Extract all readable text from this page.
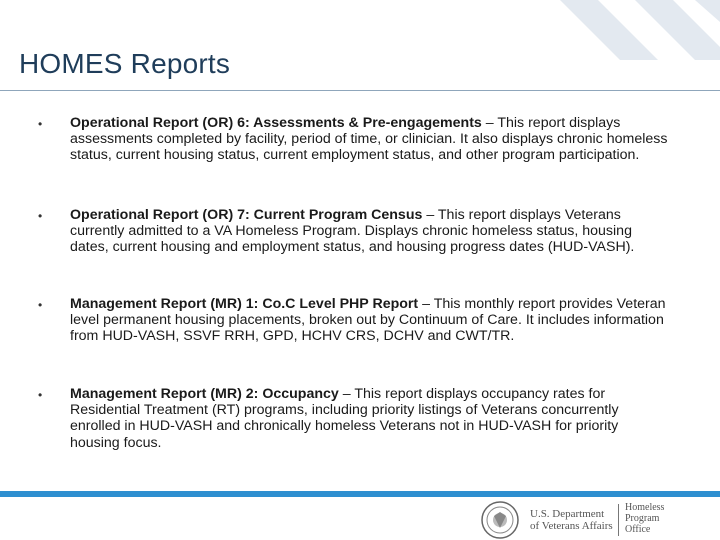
HOMES Reports
• Operational Report (OR) 6: Assessments & Pre-engagements – This report displays assessments completed by facility, period of time, or clinician. It also displays chronic homeless status, current housing status, current employment status, and other program participation.
• Operational Report (OR) 7: Current Program Census – This report displays Veterans currently admitted to a VA Homeless Program. Displays chronic homeless status, housing dates, current housing and employment status, and housing progress dates (HUD-VASH).
• Management Report (MR) 1: Co.C Level PHP Report – This monthly report provides Veteran level permanent housing placements, broken out by Continuum of Care. It includes information from HUD-VASH, SSVF RRH, GPD, HCHV CRS, DCHV and CWT/TR.
• Management Report (MR) 2: Occupancy – This report displays occupancy rates for Residential Treatment (RT) programs, including priority listings of Veterans concurrently enrolled in HUD-VASH and chronically homeless Veterans not in HUD-VASH for priority housing focus.
U.S. Department
of Veterans Affairs
Homeless
Program
Office
